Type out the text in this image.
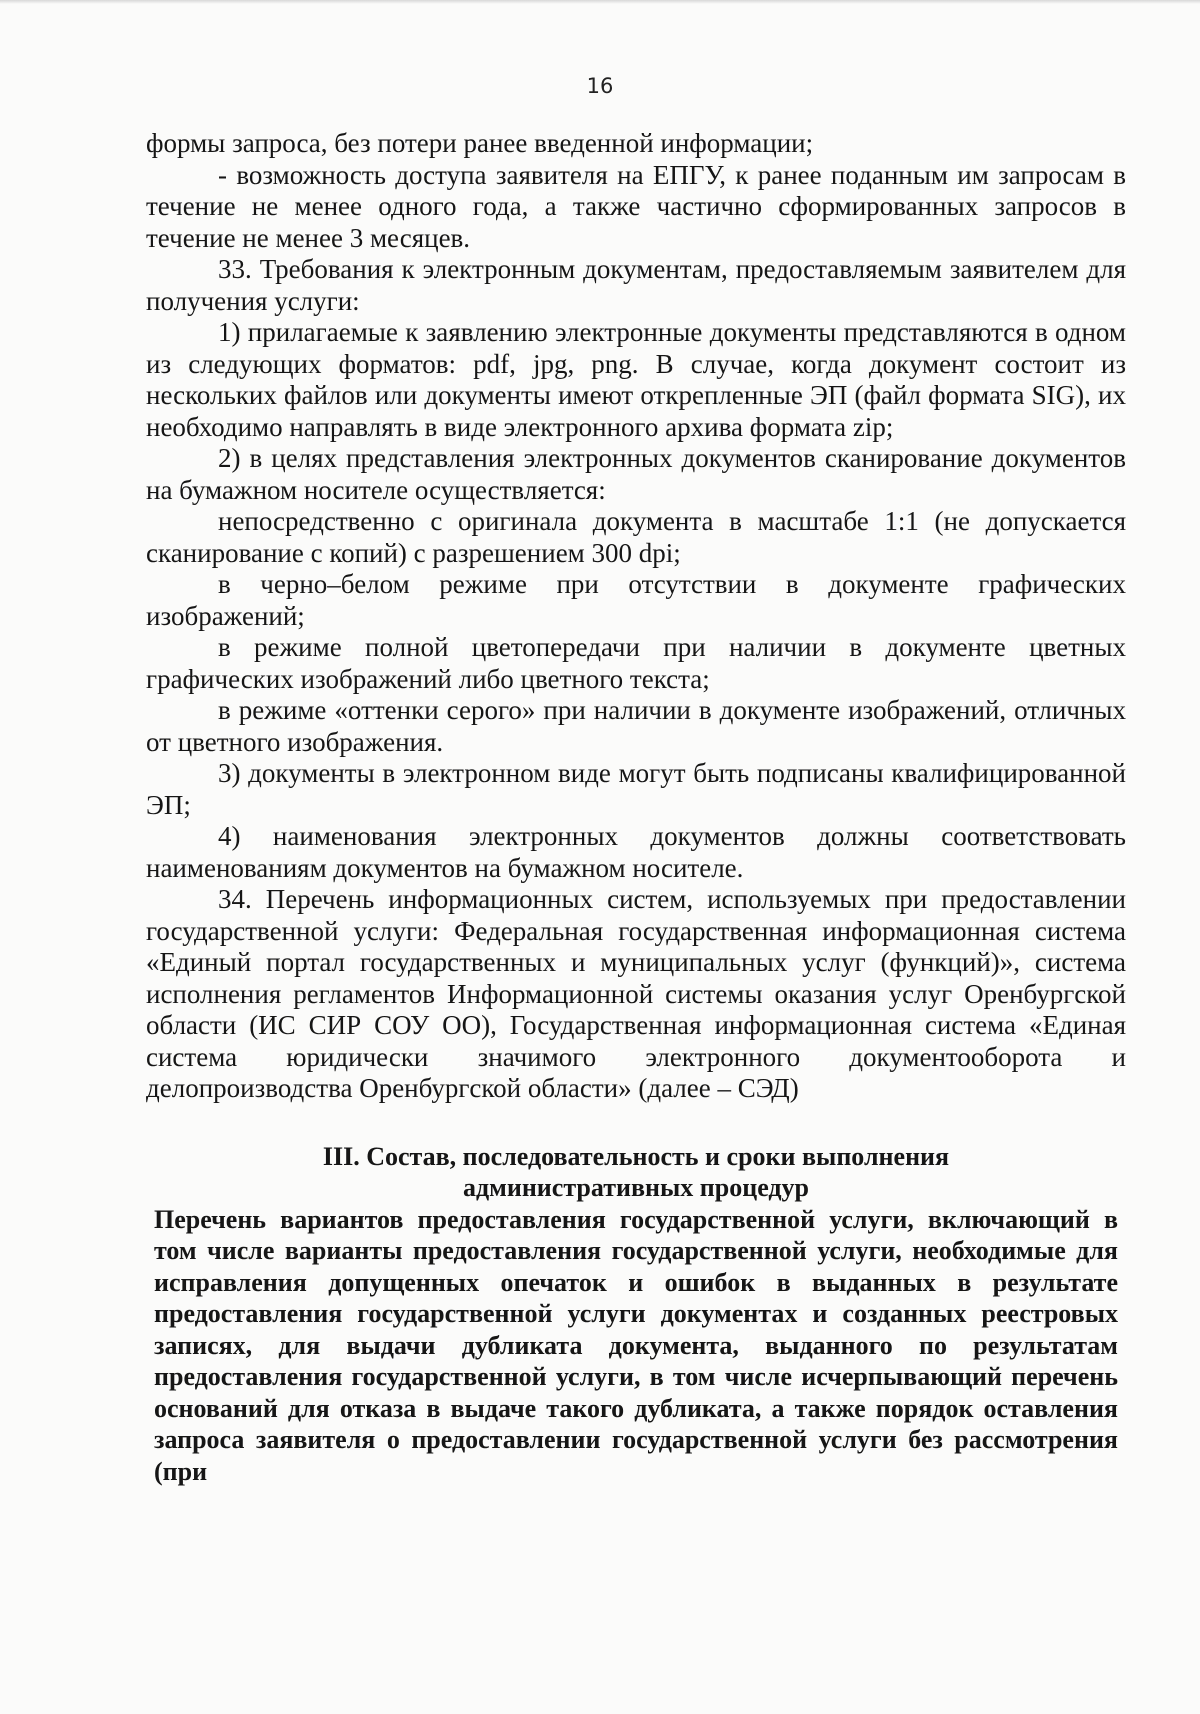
16

формы запроса, без потери ранее введенной информации;

- возможность доступа заявителя на ЕПГУ, к ранее поданным им запросам в течение не менее одного года, а также частично сформированных запросов в течение не менее 3 месяцев.

33. Требования к электронным документам, предоставляемым заявителем для получения услуги:

1) прилагаемые к заявлению электронные документы представляются в одном из следующих форматов: pdf, jpg, png. В случае, когда документ состоит из нескольких файлов или документы имеют открепленные ЭП (файл формата SIG), их необходимо направлять в виде электронного архива формата zip;

2) в целях представления электронных документов сканирование документов на бумажном носителе осуществляется:

непосредственно с оригинала документа в масштабе 1:1 (не допускается сканирование с копий) с разрешением 300 dpi;

в черно–белом режиме при отсутствии в документе графических изображений;

в режиме полной цветопередачи при наличии в документе цветных графических изображений либо цветного текста;

в режиме «оттенки серого» при наличии в документе изображений, отличных от цветного изображения.

3) документы в электронном виде могут быть подписаны квалифицированной ЭП;

4) наименования электронных документов должны соответствовать наименованиям документов на бумажном носителе.

34. Перечень информационных систем, используемых при предоставлении государственной услуги: Федеральная государственная информационная система «Единый портал государственных и муниципальных услуг (функций)», система исполнения регламентов Информационной системы оказания услуг Оренбургской области (ИС СИР СОУ ОО), Государственная информационная система «Единая система юридически значимого электронного документооборота и делопроизводства Оренбургской области» (далее – СЭД)

III. Состав, последовательность и сроки выполнения
административных процедур

Перечень вариантов предоставления государственной услуги, включающий в том числе варианты предоставления государственной услуги, необходимые для исправления допущенных опечаток и ошибок в выданных в результате предоставления государственной услуги документах и созданных реестровых записях, для выдачи дубликата документа, выданного по результатам предоставления государственной услуги, в том числе исчерпывающий перечень оснований для отказа в выдаче такого дубликата, а также порядок оставления запроса заявителя о предоставлении государственной услуги без рассмотрения (при
